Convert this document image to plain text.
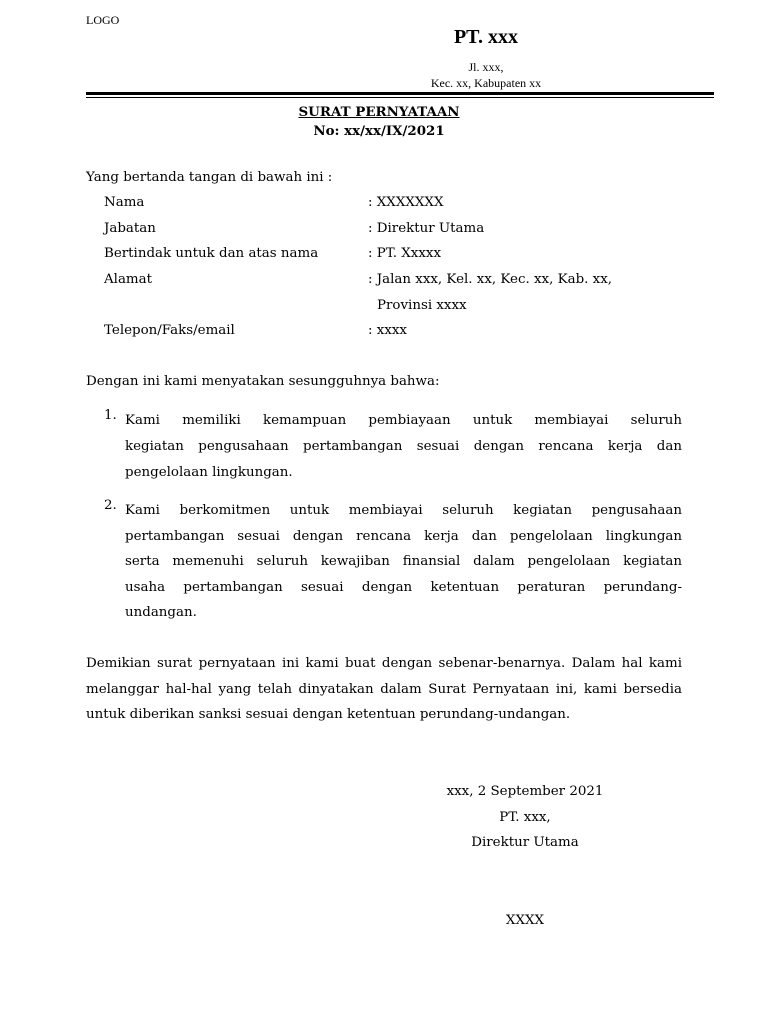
LOGO
PT. xxx
Jl. xxx,
Kec. xx, Kabupaten xx
SURAT PERNYATAAN
No: xx/xx/IX/2021
Yang bertanda tangan di bawah ini :
Nama	: XXXXXXX
Jabatan	: Direktur Utama
Bertindak untuk dan atas nama	: PT. Xxxxx
Alamat	: Jalan xxx, Kel. xx, Kec. xx, Kab. xx,
Provinsi xxxx
Telepon/Faks/email	: xxxx
Dengan ini kami menyatakan sesungguhnya bahwa:
1. Kami memiliki kemampuan pembiayaan untuk membiayai seluruh
kegiatan pengusahaan pertambangan sesuai dengan rencana kerja dan
pengelolaan lingkungan.
2. Kami berkomitmen untuk membiayai seluruh kegiatan pengusahaan
pertambangan sesuai dengan rencana kerja dan pengelolaan lingkungan
serta memenuhi seluruh kewajiban finansial dalam pengelolaan kegiatan
usaha pertambangan sesuai dengan ketentuan peraturan perundang-
undangan.
Demikian surat pernyataan ini kami buat dengan sebenar-benarnya. Dalam hal kami melanggar hal-hal yang telah dinyatakan dalam Surat Pernyataan ini, kami bersedia untuk diberikan sanksi sesuai dengan ketentuan perundang-undangan.
xxx, 2 September 2021
PT. xxx,
Direktur Utama
XXXX
